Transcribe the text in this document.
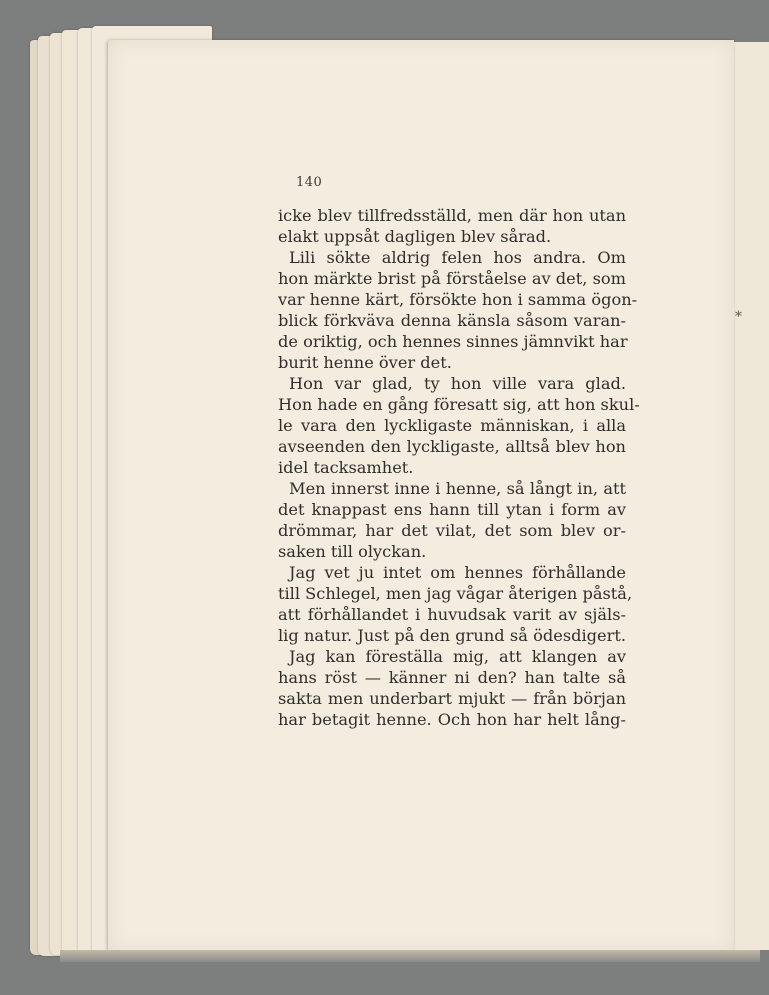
*
140
icke blev tillfredsställd, men där hon utan
elakt uppsåt dagligen blev sårad.
Lili sökte aldrig felen hos andra. Om
hon märkte brist på förståelse av det, som
var henne kärt, försökte hon i samma ögon-
blick förkväva denna känsla såsom varan-
de oriktig, och hennes sinnes jämnvikt har
burit henne över det.
Hon var glad, ty hon ville vara glad.
Hon hade en gång föresatt sig, att hon skul-
le vara den lyckligaste människan, i alla
avseenden den lyckligaste, alltså blev hon
idel tacksamhet.
Men innerst inne i henne, så långt in, att
det knappast ens hann till ytan i form av
drömmar, har det vilat, det som blev or-
saken till olyckan.
Jag vet ju intet om hennes förhållande
till Schlegel, men jag vågar återigen påstå,
att förhållandet i huvudsak varit av själs-
lig natur. Just på den grund så ödesdigert.
Jag kan föreställa mig, att klangen av
hans röst — känner ni den? han talte så
sakta men underbart mjukt — från början
har betagit henne. Och hon har helt lång-
